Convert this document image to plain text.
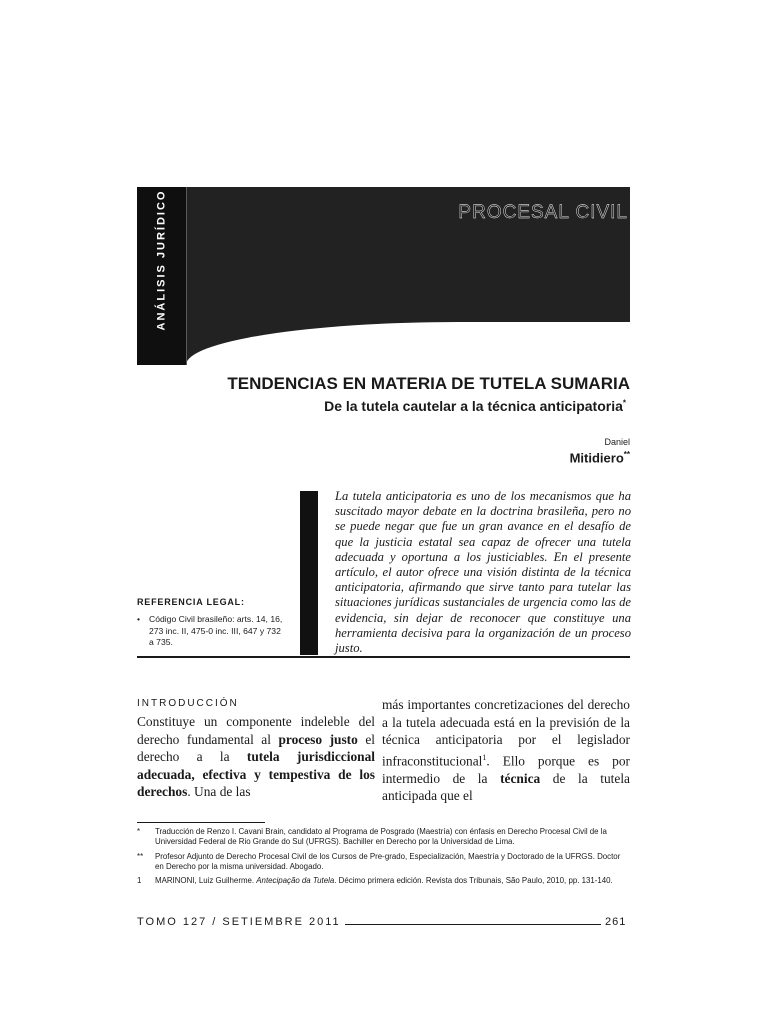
ANÁLISIS JURÍDICO	PROCESAL CIVIL
TENDENCIAS EN MATERIA DE TUTELA SUMARIA
De la tutela cautelar a la técnica anticipatoria*
Daniel
Mitidiero**

La tutela anticipatoria es uno de los mecanismos que ha suscitado mayor debate en la doctrina brasileña, pero no se puede negar que fue un gran avance en el desafío de que la justicia estatal sea capaz de ofrecer una tutela adecuada y oportuna a los justiciables. En el presente artículo, el autor ofrece una visión distinta de la técnica anticipatoria, afirmando que sirve tanto para tutelar las situaciones jurídicas sustanciales de urgencia como las de evidencia, sin dejar de reconocer que constituye una herramienta decisiva para la organización de un proceso justo.

REFERENCIA LEGAL:
•	Código Civil brasileño: arts. 14, 16, 273 inc. II, 475-0 inc. III, 647 y 732 a 735.
INTRODUCCIÓN

Constituye un componente indeleble del derecho fundamental al proceso justo el derecho a la tutela jurisdiccional adecuada, efectiva y tempestiva de los derechos. Una de las

más importantes concretizaciones del derecho a la tutela adecuada está en la previsión de la técnica anticipatoria por el legislador infraconstitucional$^1$. Ello porque es por intermedio de la técnica de la tutela anticipada que el

*	Traducción de Renzo I. Cavani Brain, candidato al Programa de Posgrado (Maestría) con énfasis en Derecho Procesal Civil de la Universidad Federal de Rio Grande do Sul (UFRGS). Bachiller en Derecho por la Universidad de Lima.
**	Profesor Adjunto de Derecho Procesal Civil de los Cursos de Pre-grado, Especialización, Maestría y Doctorado de la UFRGS. Doctor en Derecho por la misma universidad. Abogado.
1	MARINONI, Luiz Guilherme. Antecipação da Tutela. Décimo primera edición. Revista dos Tribunais, São Paulo, 2010, pp. 131-140.
TOMO 127 / SETIEMBRE 2011	261
